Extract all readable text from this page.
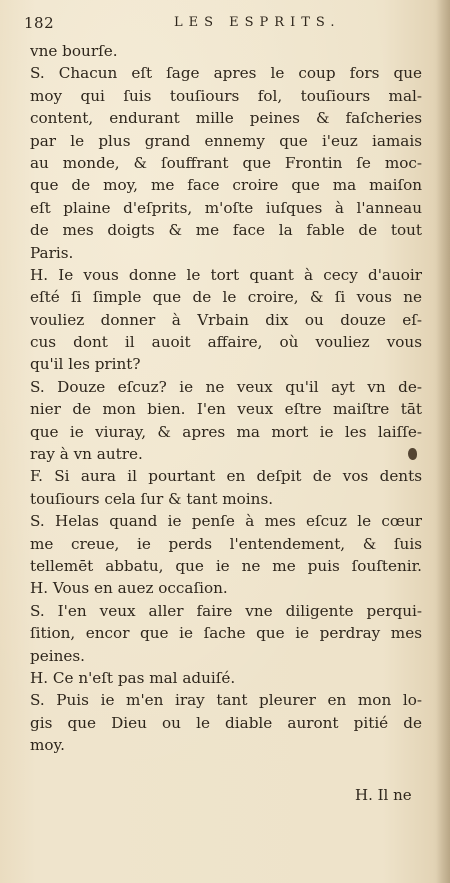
182	LES ESPRITS.
vne bourſe.
S. Chacun eſt ſage apres le coup fors que
moy qui ſuis touſiours fol, touſiours mal-
content, endurant mille peines & faſcheries
par le plus grand ennemy que i'euz iamais
au monde, & ſouffrant que Frontin ſe moc-
que de moy, me face croire que ma maiſon
eſt plaine d'eſprits, m'oſte iuſques à l'anneau
de mes doigts & me face la fable de tout
Paris.
H. Ie vous donne le tort quant à cecy d'auoir
eſté ſi ſimple que de le croire, & ſi vous ne
vouliez donner à Vrbain dix ou douze eſ-
cus dont il auoit affaire, où vouliez vous
qu'il les print?
S. Douze eſcuz? ie ne veux qu'il ayt vn de-
nier de mon bien. I'en veux eſtre maiſtre tāt
que ie viuray, & apres ma mort ie les laiſſe-
ray à vn autre.
F. Si aura il pourtant en deſpit de vos dents
touſiours cela ſur & tant moins.
S. Helas quand ie penſe à mes eſcuz le cœur
me creue, ie perds l'entendement, & ſuis
tellemēt abbatu, que ie ne me puis ſouſtenir.
H. Vous en auez occaſion.
S. I'en veux aller faire vne diligente perqui-
ſition, encor que ie ſache que ie perdray mes
peines.
H. Ce n'eſt pas mal aduiſé.
S. Puis ie m'en iray tant pleurer en mon lo-
gis que Dieu ou le diable auront pitié de
moy.
H. Il ne
